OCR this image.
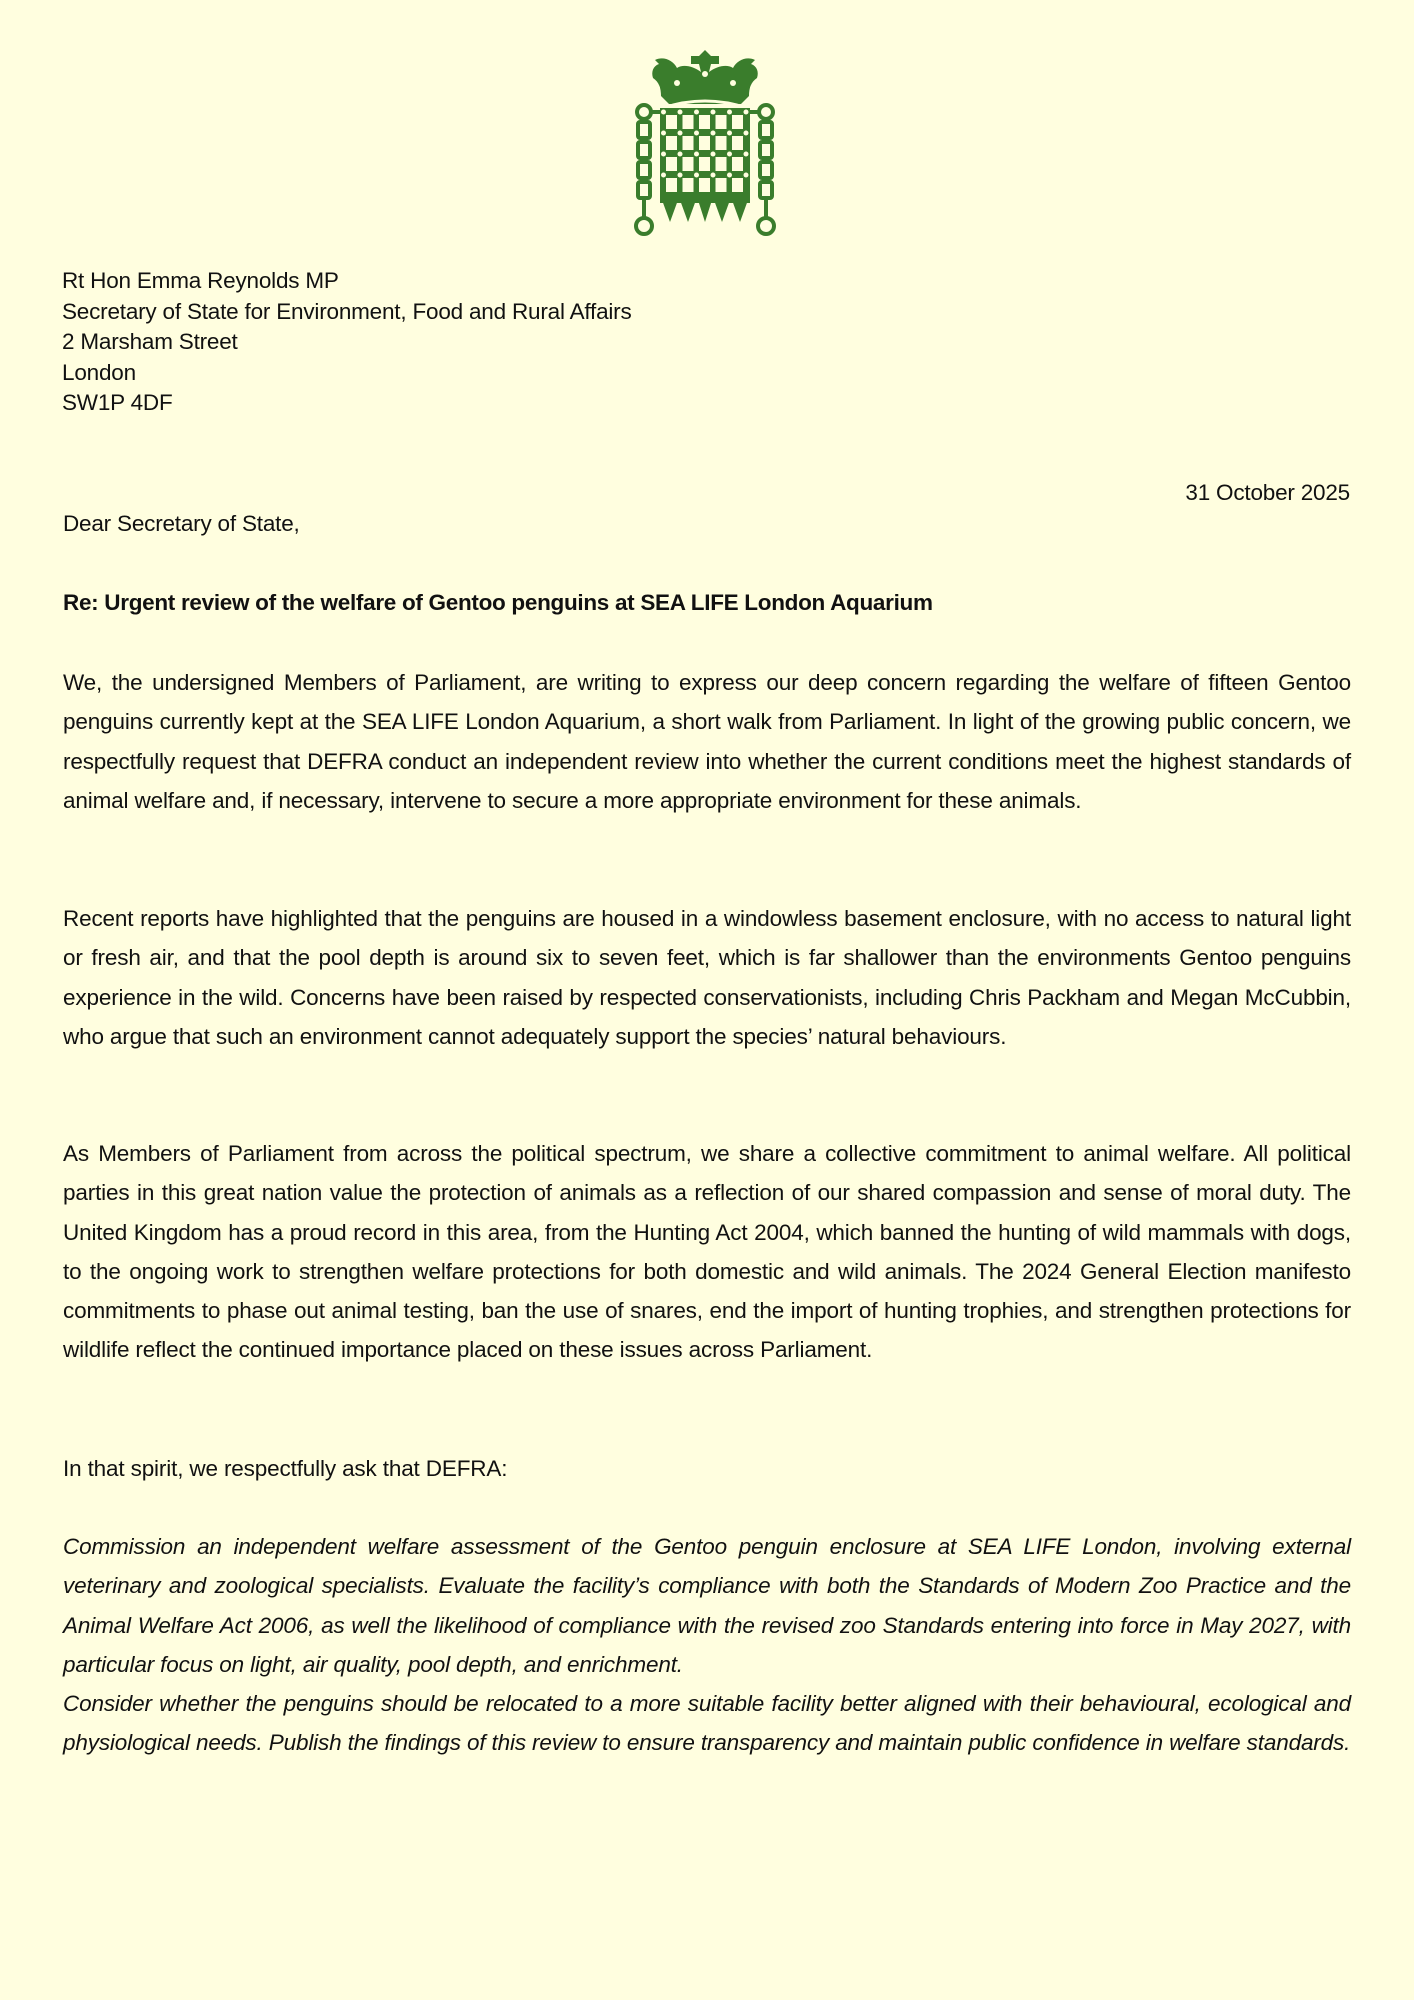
Rt Hon Emma Reynolds MP
Secretary of State for Environment, Food and Rural Affairs
2 Marsham Street
London
SW1P 4DF
31 October 2025
Dear Secretary of State,
Re: Urgent review of the welfare of Gentoo penguins at SEA LIFE London Aquarium

We, the undersigned Members of Parliament, are writing to express our deep concern regarding the welfare of fifteen Gentoo penguins currently kept at the SEA LIFE London Aquarium, a short walk from Parliament. In light of the growing public concern, we respectfully request that DEFRA conduct an independent review into whether the current conditions meet the highest standards of animal welfare and, if necessary, intervene to secure a more appropriate environment for these animals.

Recent reports have highlighted that the penguins are housed in a windowless basement enclosure, with no access to natural light or fresh air, and that the pool depth is around six to seven feet, which is far shallower than the environments Gentoo penguins experience in the wild. Concerns have been raised by respected conservationists, including Chris Packham and Megan McCubbin, who argue that such an environment cannot adequately support the species’ natural behaviours.

As Members of Parliament from across the political spectrum, we share a collective commitment to animal welfare. All political parties in this great nation value the protection of animals as a reflection of our shared compassion and sense of moral duty. The United Kingdom has a proud record in this area, from the Hunting Act 2004, which banned the hunting of wild mammals with dogs, to the ongoing work to strengthen welfare protections for both domestic and wild animals. The 2024 General Election manifesto commitments to phase out animal testing, ban the use of snares, end the import of hunting trophies, and strengthen protections for wildlife reflect the continued importance placed on these issues across Parliament.

In that spirit, we respectfully ask that DEFRA:

Commission an independent welfare assessment of the Gentoo penguin enclosure at SEA LIFE London, involving external veterinary and zoological specialists. Evaluate the facility’s compliance with both the Standards of Modern Zoo Practice and the Animal Welfare Act 2006, as well the likelihood of compliance with the revised zoo Standards entering into force in May 2027, with particular focus on light, air quality, pool depth, and enrichment.
Consider whether the penguins should be relocated to a more suitable facility better aligned with their behavioural, ecological and physiological needs. Publish the findings of this review to ensure transparency and maintain public confidence in welfare standards.
